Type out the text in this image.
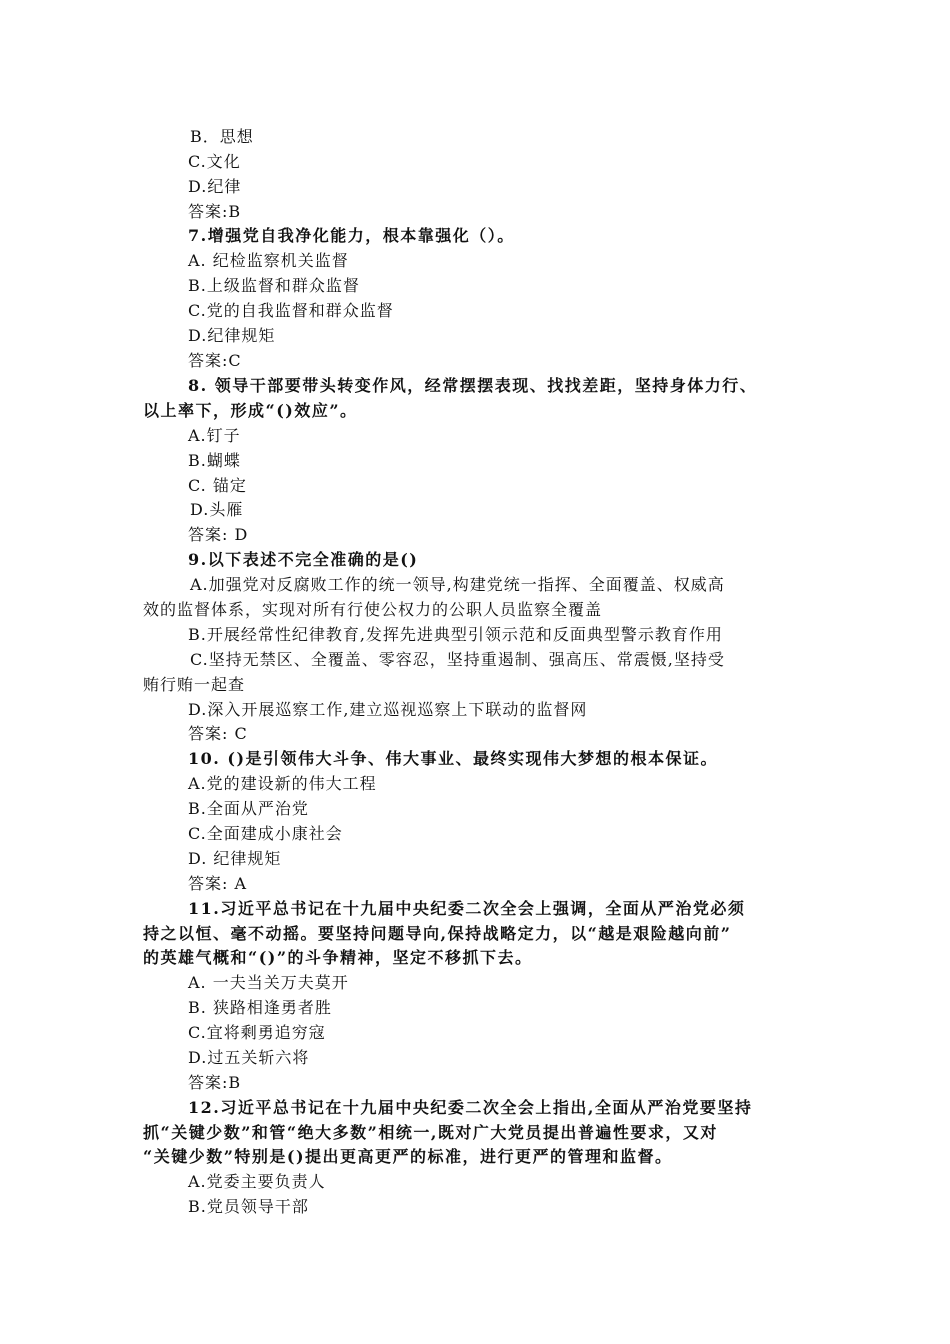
B．思想
C.文化
D.纪律
答案:B
7.增强党自我净化能力，根本靠强化（）。
A. 纪检监察机关监督
B.上级监督和群众监督
C.党的自我监督和群众监督
D.纪律规矩
答案:C
8. 领导干部要带头转变作风，经常摆摆表现、找找差距，坚持身体力行、
以上率下，形成“()效应”。
A.钉子
B.蝴蝶
C. 锚定
D.头雁
答案: D
9.以下表述不完全准确的是()
A.加强党对反腐败工作的统一领导,构建党统一指挥、全面覆盖、权威高
效的监督体系，实现对所有行使公权力的公职人员监察全覆盖
B.开展经常性纪律教育,发挥先进典型引领示范和反面典型警示教育作用
C.坚持无禁区、全覆盖、零容忍，坚持重遏制、强高压、常震慑,坚持受
贿行贿一起查
D.深入开展巡察工作,建立巡视巡察上下联动的监督网
答案: C
10. ()是引领伟大斗争、伟大事业、最终实现伟大梦想的根本保证。
A.党的建设新的伟大工程
B.全面从严治党
C.全面建成小康社会
D. 纪律规矩
答案: A
11.习近平总书记在十九届中央纪委二次全会上强调，全面从严治党必须
持之以恒、毫不动摇。要坚持问题导向,保持战略定力，以“越是艰险越向前”
的英雄气概和“()”的斗争精神，坚定不移抓下去。
A. 一夫当关万夫莫开
B. 狭路相逢勇者胜
C.宜将剩勇追穷寇
D.过五关斩六将
答案:B
12.习近平总书记在十九届中央纪委二次全会上指出,全面从严治党要坚持
抓“关键少数”和管“绝大多数”相统一,既对广大党员提出普遍性要求，又对
“关键少数”特别是()提出更高更严的标准，进行更严的管理和监督。
A.党委主要负责人
B.党员领导干部
